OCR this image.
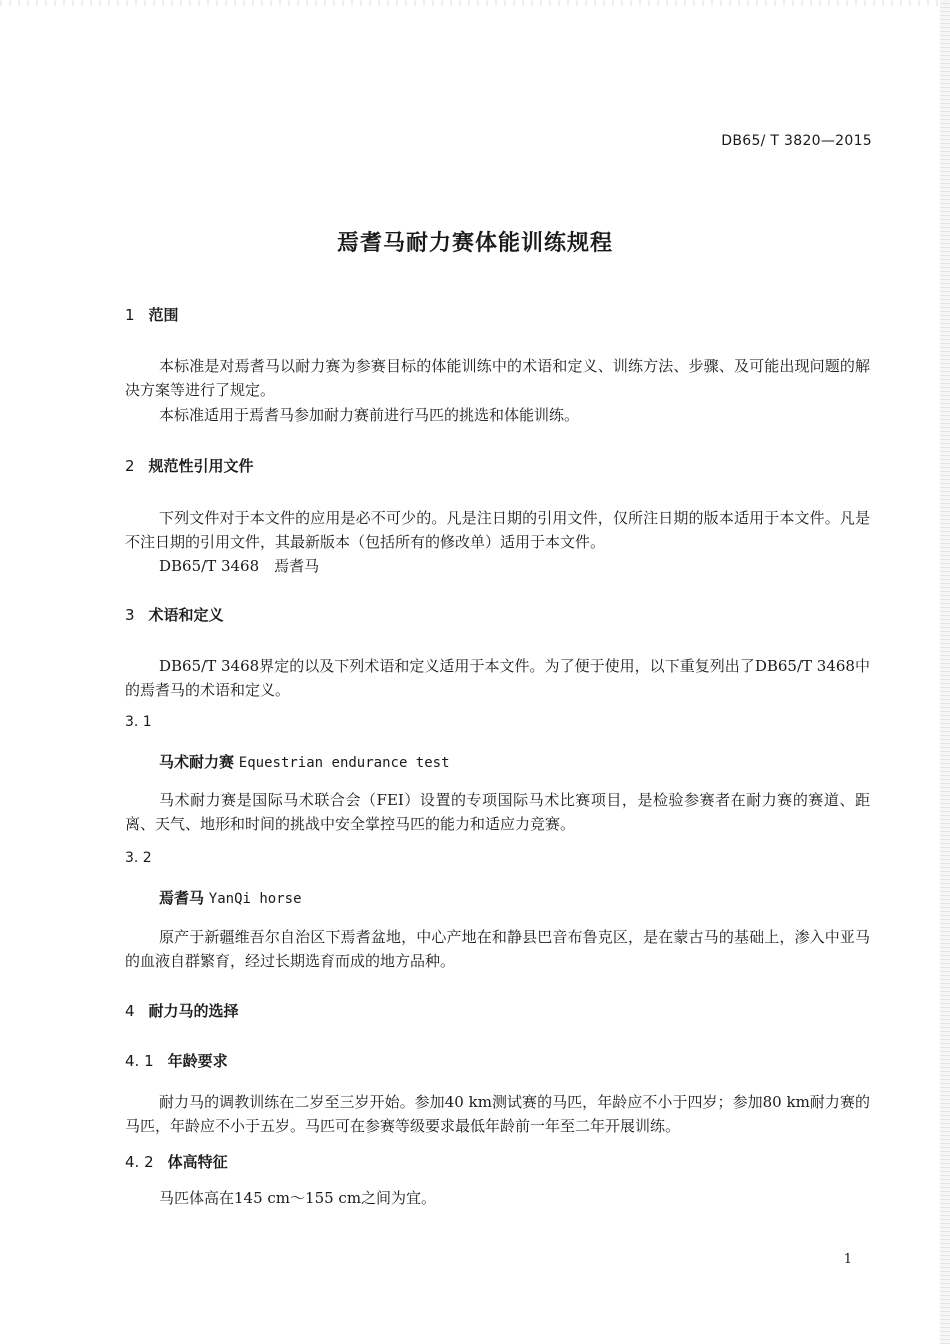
DB65/ T 3820—2015
焉耆马耐力赛体能训练规程
1 范围

本标准是对焉耆马以耐力赛为参赛目标的体能训练中的术语和定义、训练方法、步骤、及可能出现问题的解决方案等进行了规定。

本标准适用于焉耆马参加耐力赛前进行马匹的挑选和体能训练。

2 规范性引用文件

下列文件对于本文件的应用是必不可少的。凡是注日期的引用文件，仅所注日期的版本适用于本文件。凡是不注日期的引用文件，其最新版本（包括所有的修改单）适用于本文件。

DB65/T 3468　焉耆马
3 术语和定义

DB65/T 3468界定的以及下列术语和定义适用于本文件。为了便于使用，以下重复列出了DB65/T 3468中的焉耆马的术语和定义。

3. 1
马术耐力赛 Equestrian endurance test

马术耐力赛是国际马术联合会（FEI）设置的专项国际马术比赛项目，是检验参赛者在耐力赛的赛道、距离、天气、地形和时间的挑战中安全掌控马匹的能力和适应力竞赛。

3. 2
焉耆马 YanQi horse

原产于新疆维吾尔自治区下焉耆盆地，中心产地在和静县巴音布鲁克区，是在蒙古马的基础上，渗入中亚马的血液自群繁育，经过长期选育而成的地方品种。

4 耐力马的选择
4. 1 年龄要求

耐力马的调教训练在二岁至三岁开始。参加40 km测试赛的马匹，年龄应不小于四岁；参加80 km耐力赛的马匹，年龄应不小于五岁。马匹可在参赛等级要求最低年龄前一年至二年开展训练。

4. 2 体高特征

马匹体高在145 cm～155 cm之间为宜。

1
